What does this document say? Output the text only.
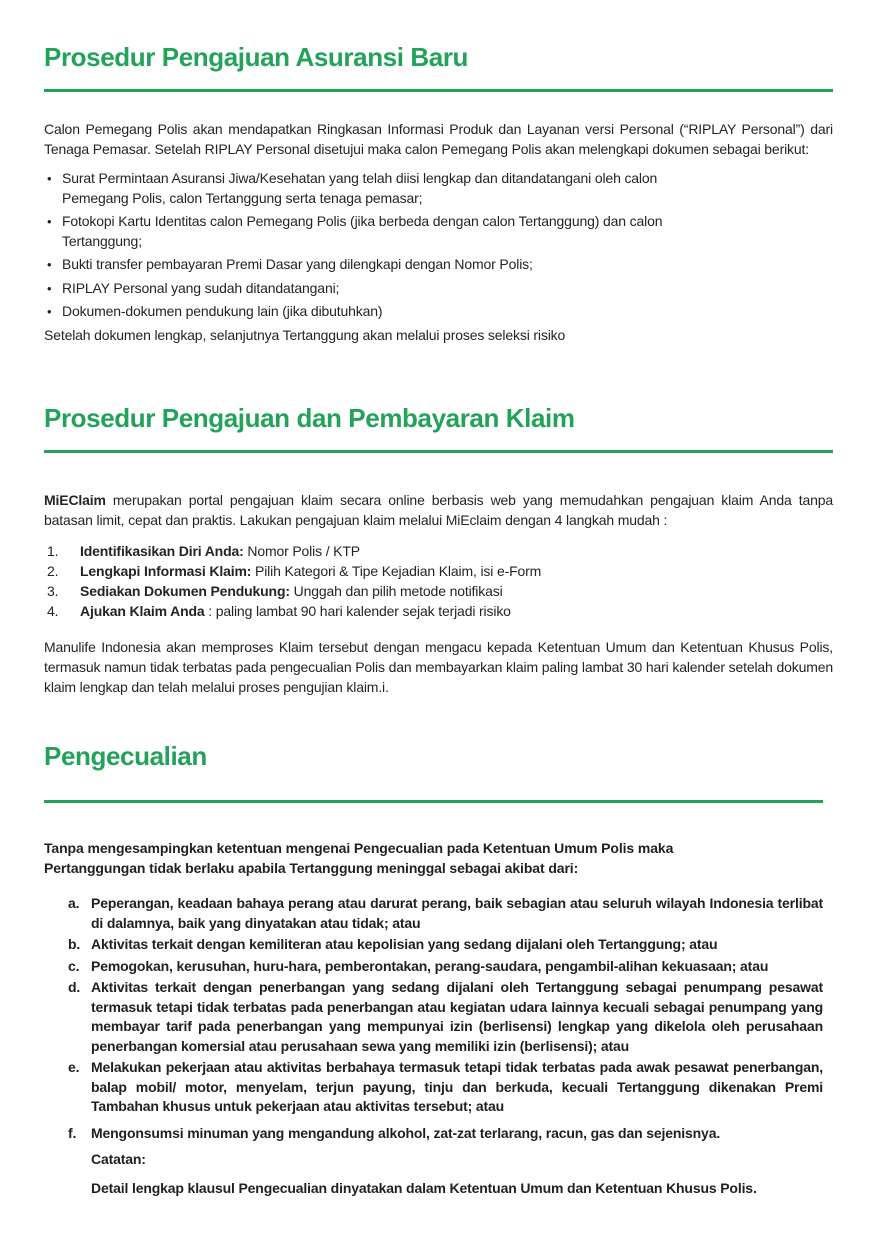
Prosedur Pengajuan Asuransi Baru

Calon Pemegang Polis akan mendapatkan Ringkasan Informasi Produk dan Layanan versi Personal (“RIPLAY Personal”) dari Tenaga Pemasar. Setelah RIPLAY Personal disetujui maka calon Pemegang Polis akan melengkapi dokumen sebagai berikut:

• Surat Permintaan Asuransi Jiwa/Kesehatan yang telah diisi lengkap dan ditandatangani oleh calon Pemegang Polis, calon Tertanggung serta tenaga pemasar;
• Fotokopi Kartu Identitas calon Pemegang Polis (jika berbeda dengan calon Tertanggung) dan calon Tertanggung;
• Bukti transfer pembayaran Premi Dasar yang dilengkapi dengan Nomor Polis;
• RIPLAY Personal yang sudah ditandatangani;
• Dokumen-dokumen pendukung lain (jika dibutuhkan)

Setelah dokumen lengkap, selanjutnya Tertanggung akan melalui proses seleksi risiko

Prosedur Pengajuan dan Pembayaran Klaim

MiEClaim merupakan portal pengajuan klaim secara online berbasis web yang memudahkan pengajuan klaim Anda tanpa batasan limit, cepat dan praktis. Lakukan pengajuan klaim melalui MiEclaim dengan 4 langkah mudah :

1.	Identifikasikan Diri Anda: Nomor Polis / KTP
2.	Lengkapi Informasi Klaim: Pilih Kategori & Tipe Kejadian Klaim, isi e-Form
3.	Sediakan Dokumen Pendukung: Unggah dan pilih metode notifikasi
4.	Ajukan Klaim Anda : paling lambat 90 hari kalender sejak terjadi risiko

Manulife Indonesia akan memproses Klaim tersebut dengan mengacu kepada Ketentuan Umum dan Ketentuan Khusus Polis, termasuk namun tidak terbatas pada pengecualian Polis dan membayarkan klaim paling lambat 30 hari kalender setelah dokumen klaim lengkap dan telah melalui proses pengujian klaim.i.

Pengecualian

Tanpa mengesampingkan ketentuan mengenai Pengecualian pada Ketentuan Umum Polis maka Pertanggungan tidak berlaku apabila Tertanggung meninggal sebagai akibat dari:

a. Peperangan, keadaan bahaya perang atau darurat perang, baik sebagian atau seluruh wilayah Indonesia terlibat di dalamnya, baik yang dinyatakan atau tidak; atau
b. Aktivitas terkait dengan kemiliteran atau kepolisian yang sedang dijalani oleh Tertanggung; atau
c. Pemogokan, kerusuhan, huru-hara, pemberontakan, perang-saudara, pengambil-alihan kekuasaan; atau
d. Aktivitas terkait dengan penerbangan yang sedang dijalani oleh Tertanggung sebagai penumpang pesawat termasuk tetapi tidak terbatas pada penerbangan atau kegiatan udara lainnya kecuali sebagai penumpang yang membayar tarif pada penerbangan yang mempunyai izin (berlisensi) lengkap yang dikelola oleh perusahaan penerbangan komersial atau perusahaan sewa yang memiliki izin (berlisensi); atau
e. Melakukan pekerjaan atau aktivitas berbahaya termasuk tetapi tidak terbatas pada awak pesawat penerbangan, balap mobil/ motor, menyelam, terjun payung, tinju dan berkuda, kecuali Tertanggung dikenakan Premi Tambahan khusus untuk pekerjaan atau aktivitas tersebut; atau
f.	Mengonsumsi minuman yang mengandung alkohol, zat-zat terlarang, racun, gas dan sejenisnya.
Catatan:
Detail lengkap klausul Pengecualian dinyatakan dalam Ketentuan Umum dan Ketentuan Khusus Polis.
